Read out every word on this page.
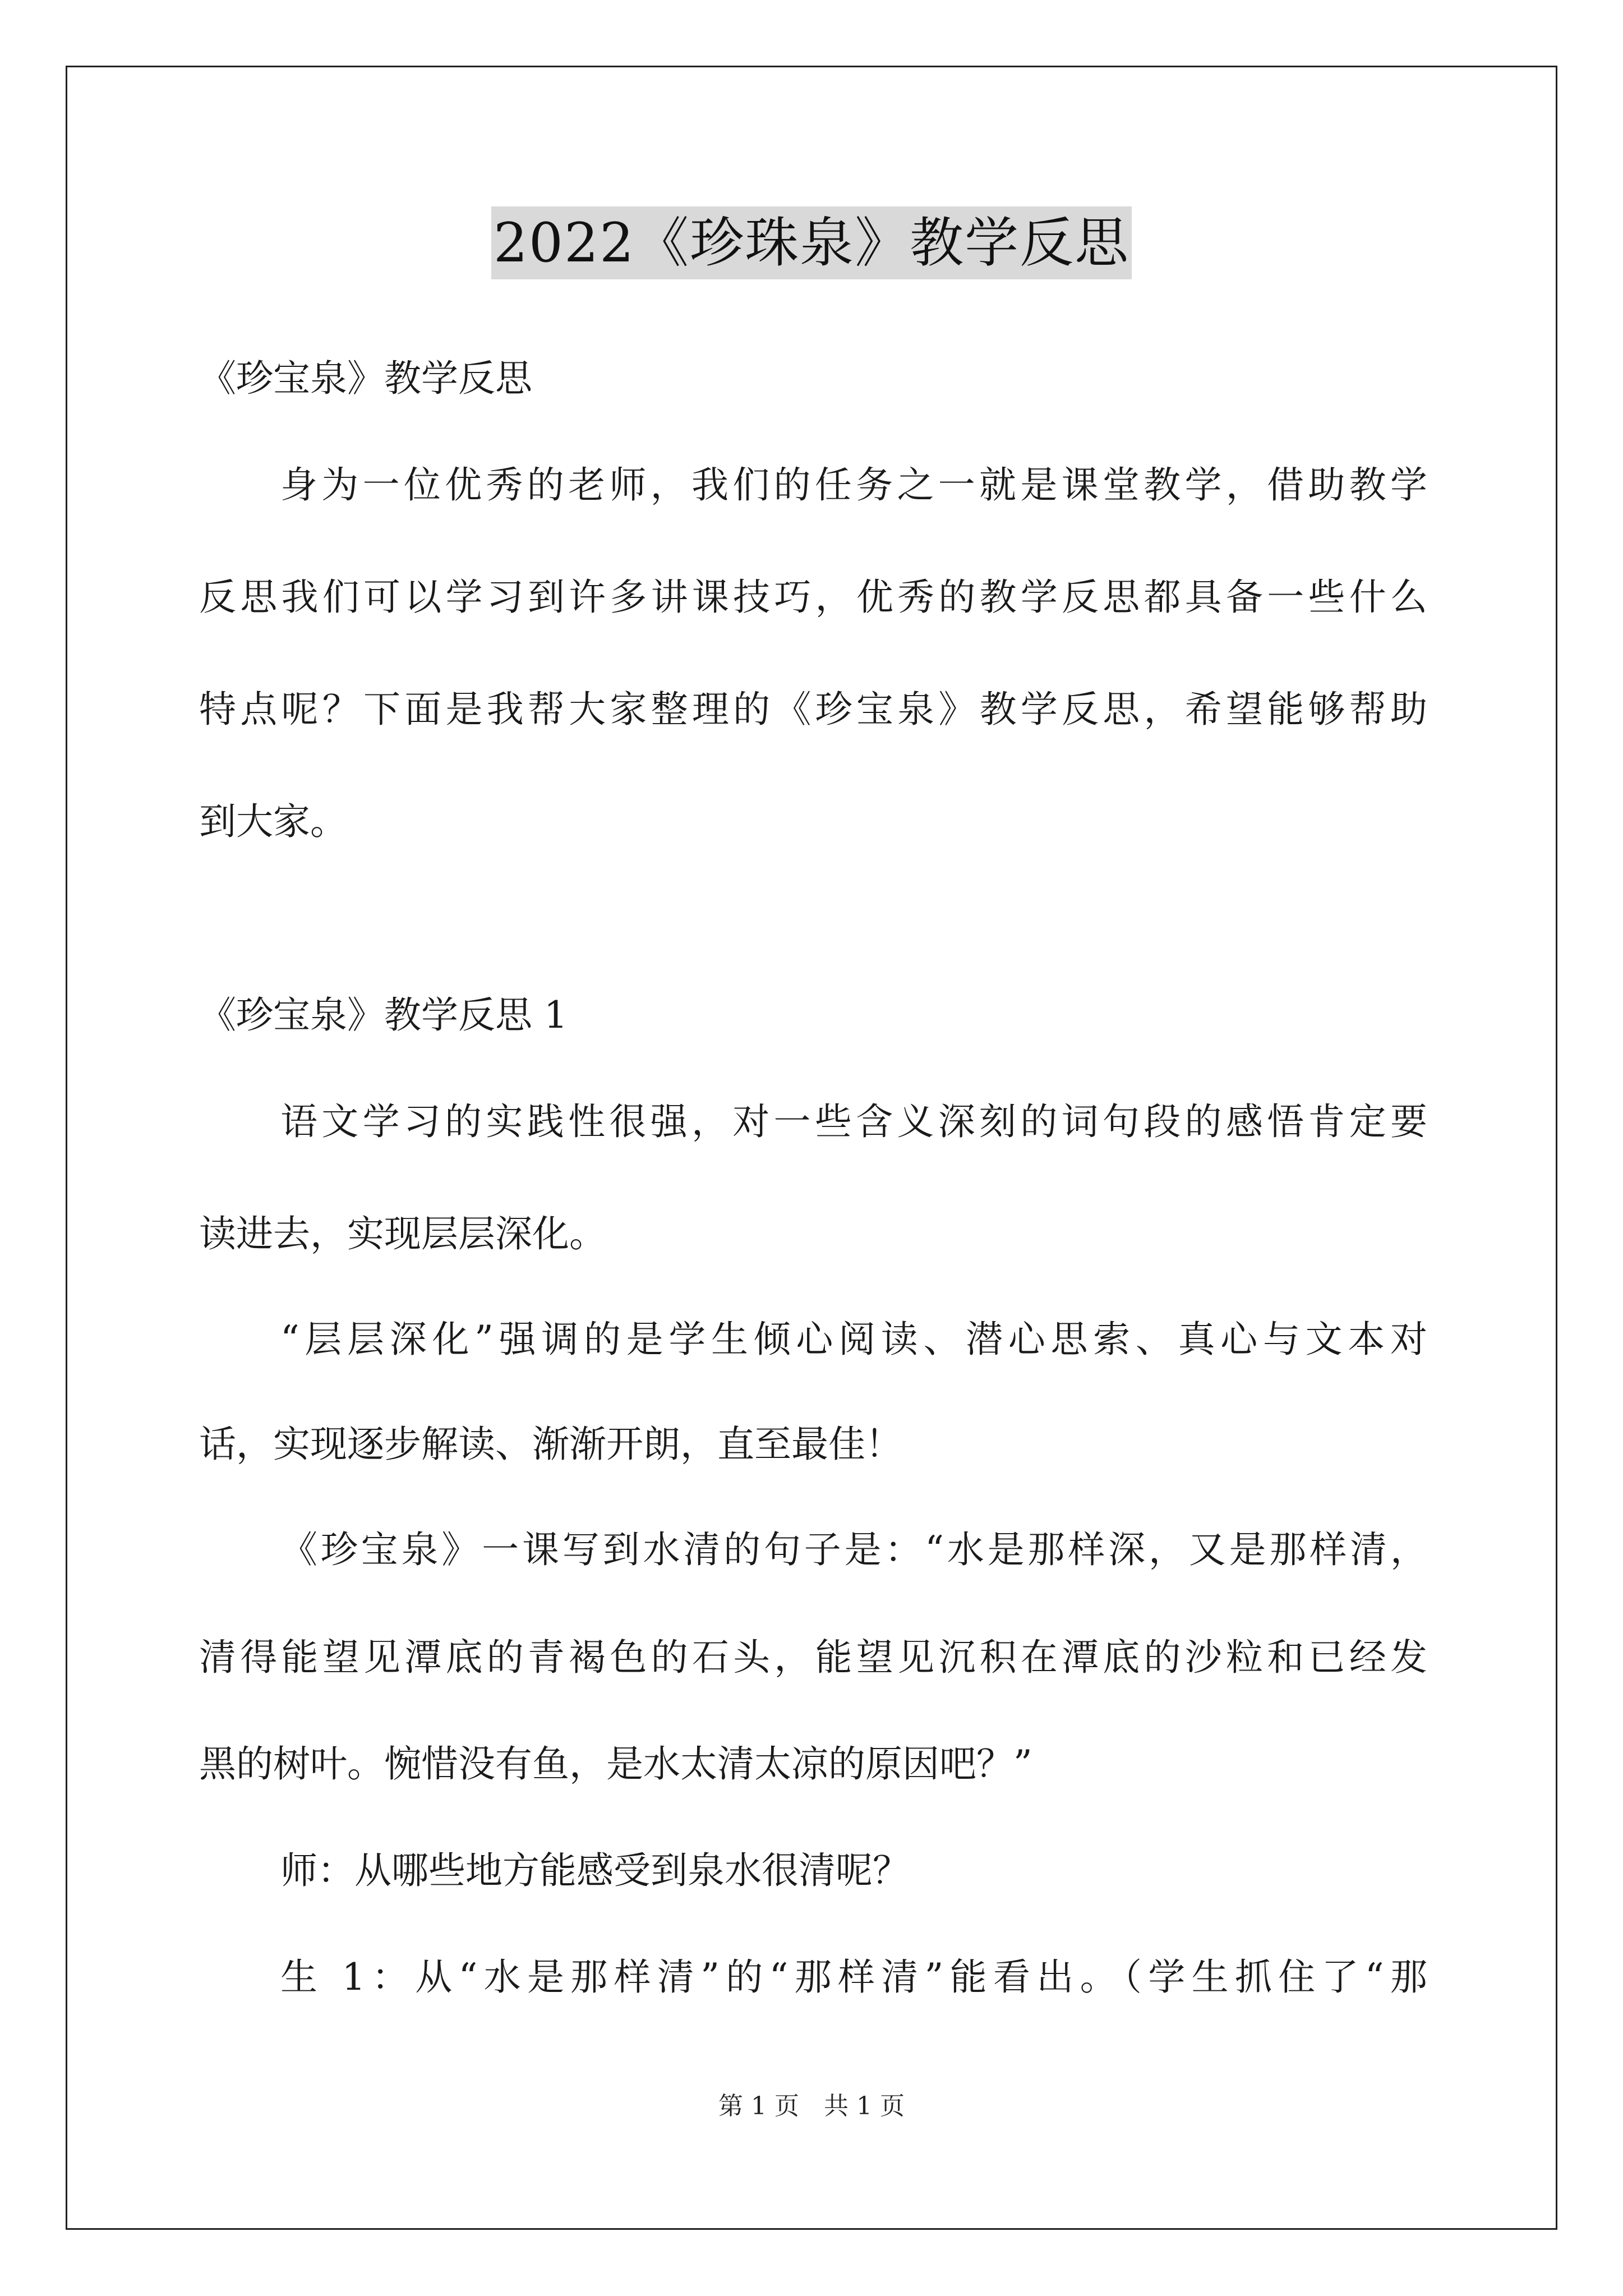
2022《珍珠泉》教学反思
《珍宝泉》教学反思
身为一位优秀的老师，我们的任务之一就是课堂教学，借助教学
反思我们可以学习到许多讲课技巧，优秀的教学反思都具备一些什么
特点呢？下面是我帮大家整理的《珍宝泉》教学反思，希望能够帮助
到大家。
《珍宝泉》教学反思 1
语文学习的实践性很强，对一些含义深刻的词句段的感悟肯定要
读进去，实现层层深化。
“层层深化”强调的是学生倾心阅读、潜心思索、真心与文本对
话，实现逐步解读、渐渐开朗，直至最佳！
《珍宝泉》一课写到水清的句子是：“水是那样深，又是那样清，
清得能望见潭底的青褐色的石头，能望见沉积在潭底的沙粒和已经发
黑的树叶。惋惜没有鱼，是水太清太凉的原因吧？”
师：从哪些地方能感受到泉水很清呢？
生 1：从“水是那样清”的“那样清”能看出。（学生抓住了“那
第 1 页　共 1 页
